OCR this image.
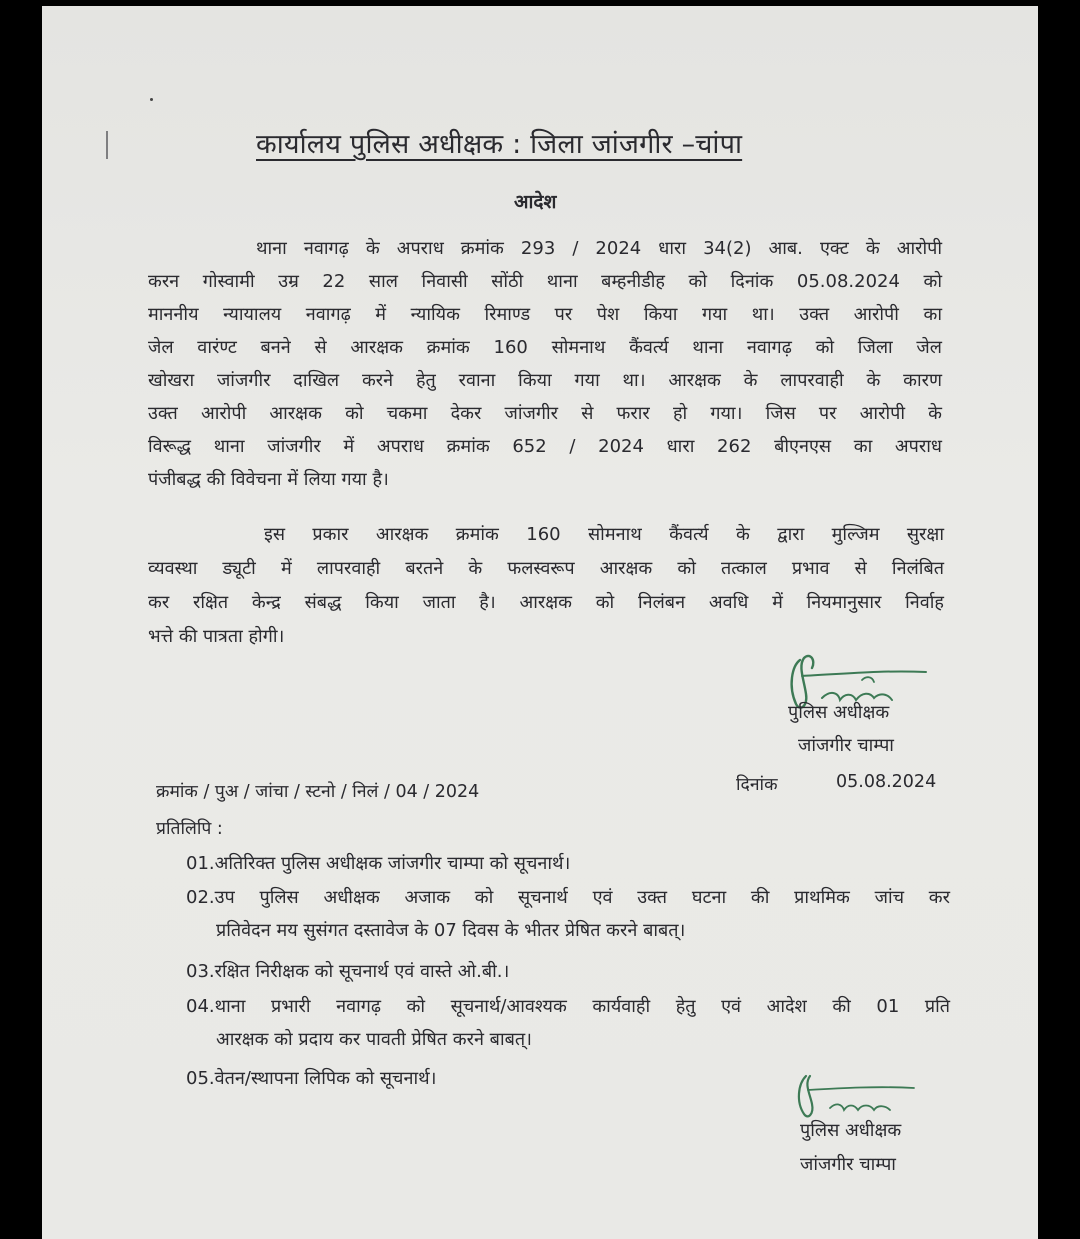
कार्यालय पुलिस अधीक्षक : जिला जांजगीर –चांपा
आदेश
थाना नवागढ़ के अपराध क्रमांक 293 / 2024 धारा 34(2) आब. एक्ट के आरोपी
करन गोस्वामी उम्र 22 साल निवासी सोंठी थाना बम्हनीडीह को दिनांक 05.08.2024 को
माननीय न्यायालय नवागढ़ में न्यायिक रिमाण्ड पर पेश किया गया था। उक्त आरोपी का
जेल वारंण्ट बनने से आरक्षक क्रमांक 160 सोमनाथ कैंवर्त्य थाना नवागढ़ को जिला जेल
खोखरा जांजगीर दाखिल करने हेतु रवाना किया गया था। आरक्षक के लापरवाही के कारण
उक्त आरोपी आरक्षक को चकमा देकर जांजगीर से फरार हो गया। जिस पर आरोपी के
विरूद्ध थाना जांजगीर में अपराध क्रमांक 652 / 2024 धारा 262 बीएनएस का अपराध
पंजीबद्ध की विवेचना में लिया गया है।
इस प्रकार आरक्षक क्रमांक 160 सोमनाथ कैंवर्त्य के द्वारा मुल्जिम सुरक्षा
व्यवस्था ड्यूटी में लापरवाही बरतने के फलस्वरूप आरक्षक को तत्काल प्रभाव से निलंबित
कर रक्षित केन्द्र संबद्ध किया जाता है। आरक्षक को निलंबन अवधि में नियमानुसार निर्वाह
भत्ते की पात्रता होगी।
पुलिस अधीक्षक
जांजगीर चाम्पा
क्रमांक / पुअ / जांचा / स्टनो / निलं / 04 / 2024	दिनांक	05.08.2024
प्रतिलिपि :
01.अतिरिक्त पुलिस अधीक्षक जांजगीर चाम्पा को सूचनार्थ।
02.उप पुलिस अधीक्षक अजाक को सूचनार्थ एवं उक्त घटना की प्राथमिक जांच कर
प्रतिवेदन मय सुसंगत दस्तावेज के 07 दिवस के भीतर प्रेषित करने बाबत्।
03.रक्षित निरीक्षक को सूचनार्थ एवं वास्ते ओ.बी.।
04.थाना प्रभारी नवागढ़ को सूचनार्थ/आवश्यक कार्यवाही हेतु एवं आदेश की 01 प्रति
आरक्षक को प्रदाय कर पावती प्रेषित करने बाबत्।
05.वेतन/स्थापना लिपिक को सूचनार्थ।
पुलिस अधीक्षक
जांजगीर चाम्पा
